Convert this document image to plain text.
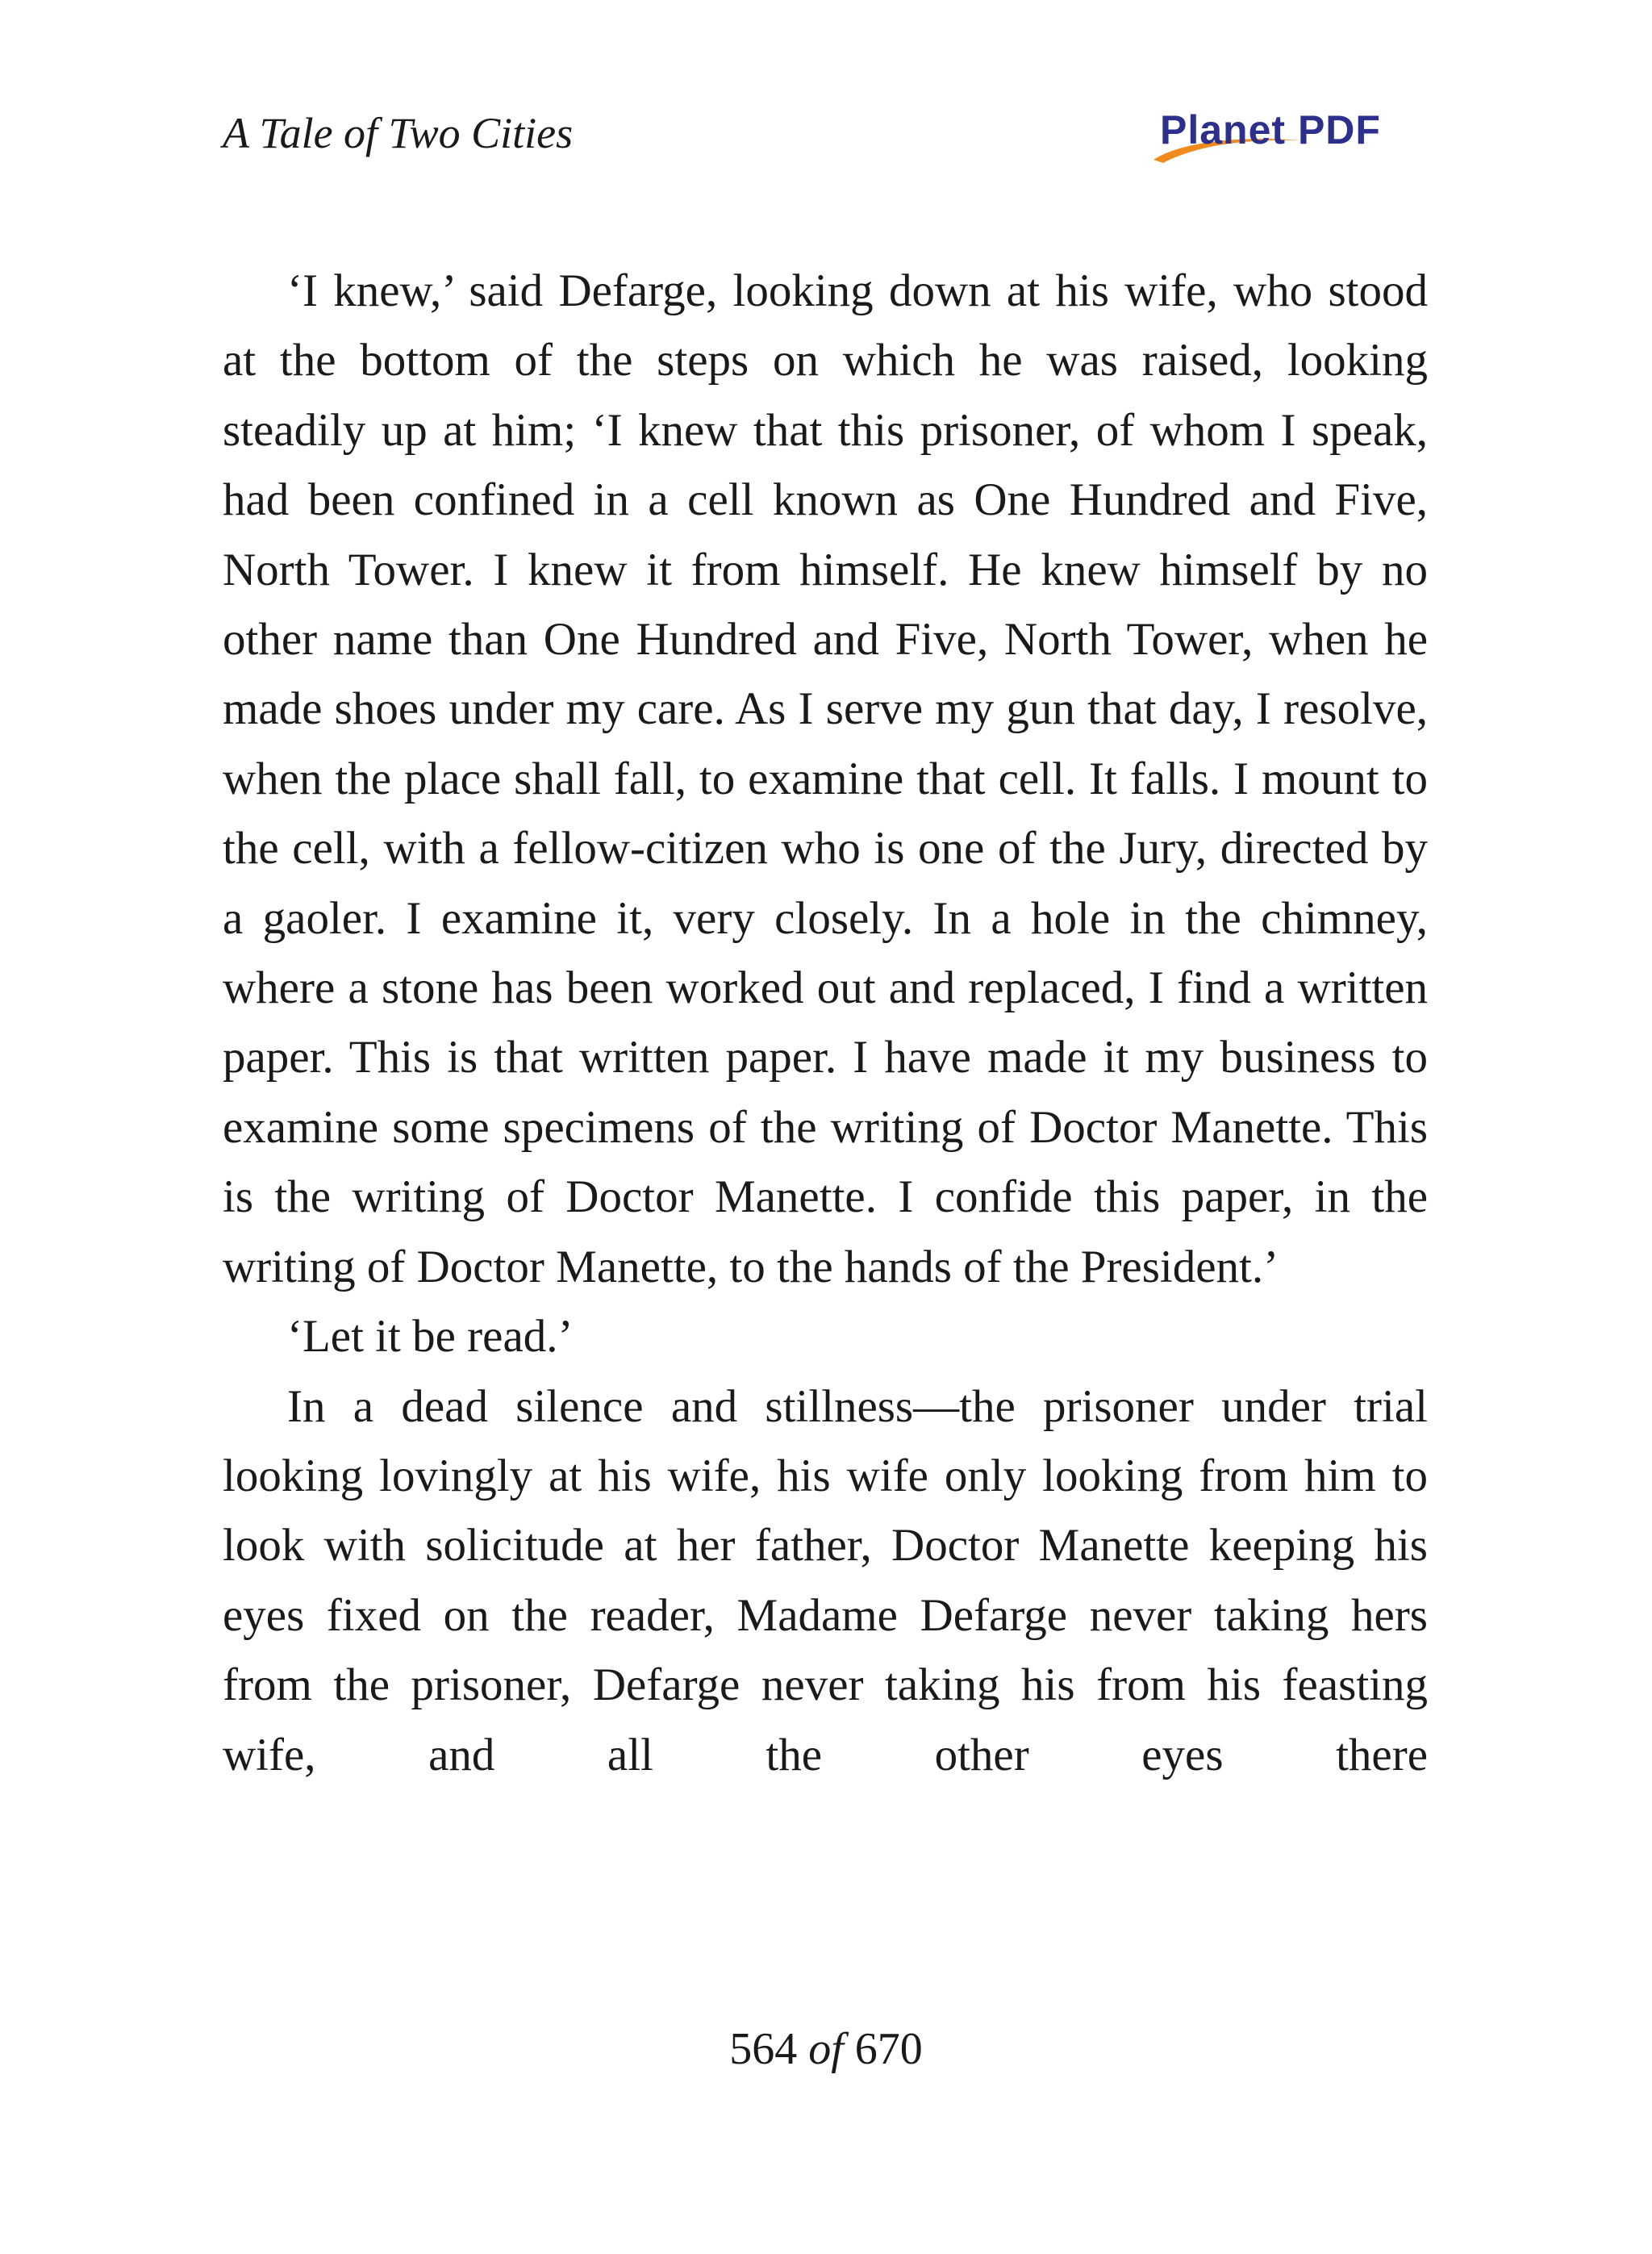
A Tale of Two Cities	Planet PDF

‘I knew,’ said Defarge, looking down at his wife, who stood at the bottom of the steps on which he was raised, looking steadily up at him; ‘I knew that this prisoner, of whom I speak, had been confined in a cell known as One Hundred and Five, North Tower. I knew it from himself. He knew himself by no other name than One Hundred and Five, North Tower, when he made shoes under my care. As I serve my gun that day, I resolve, when the place shall fall, to examine that cell. It falls. I mount to the cell, with a fellow-citizen who is one of the Jury, directed by a gaoler. I examine it, very closely. In a hole in the chimney, where a stone has been worked out and replaced, I find a written paper. This is that written paper. I have made it my business to examine some specimens of the writing of Doctor Manette. This is the writing of Doctor Manette. I confide this paper, in the writing of Doctor Manette, to the hands of the President.’

‘Let it be read.’

In a dead silence and stillness—the prisoner under trial looking lovingly at his wife, his wife only looking from him to look with solicitude at her father, Doctor Manette keeping his eyes fixed on the reader, Madame Defarge never taking hers from the prisoner, Defarge never taking his from his feasting wife, and all the other eyes there

564 of 670
